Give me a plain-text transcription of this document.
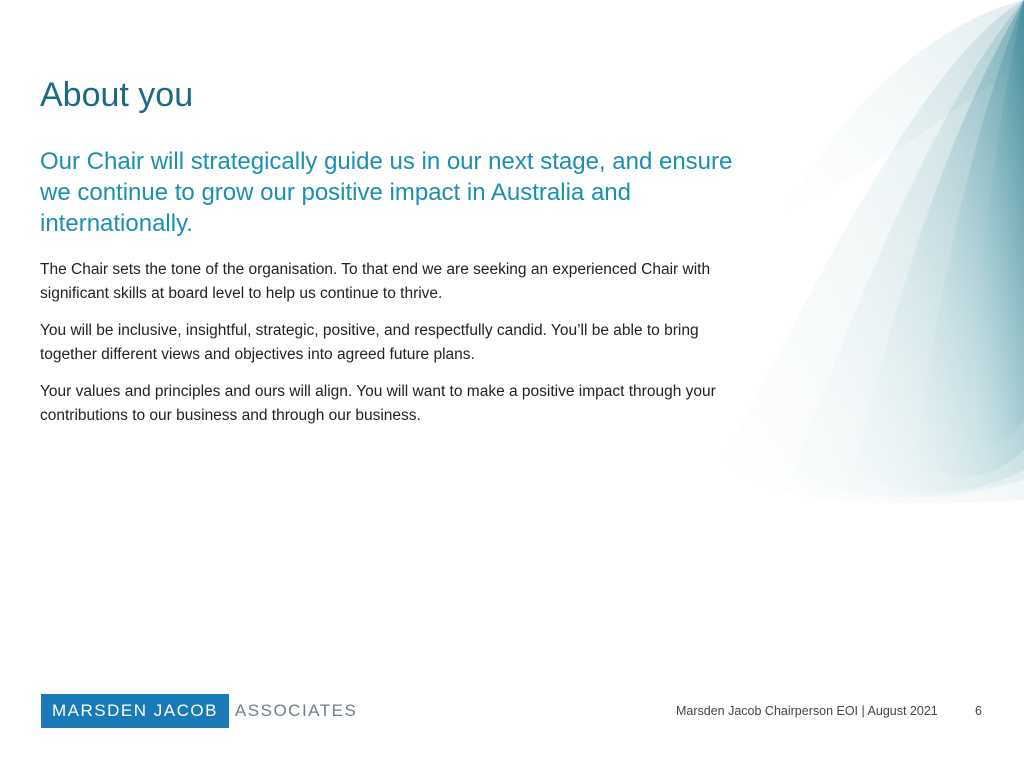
About you

Our Chair will strategically guide us in our next stage, and ensure we continue to grow our positive impact in Australia and internationally.

The Chair sets the tone of the organisation. To that end we are seeking an experienced Chair with significant skills at board level to help us continue to thrive.

You will be inclusive, insightful, strategic, positive, and respectfully candid. You’ll be able to bring together different views and objectives into agreed future plans.

Your values and principles and ours will align. You will want to make a positive impact through your contributions to our business and through our business.

MARSDEN JACOB	ASSOCIATES	Marsden Jacob Chairperson EOI | August 2021	6
